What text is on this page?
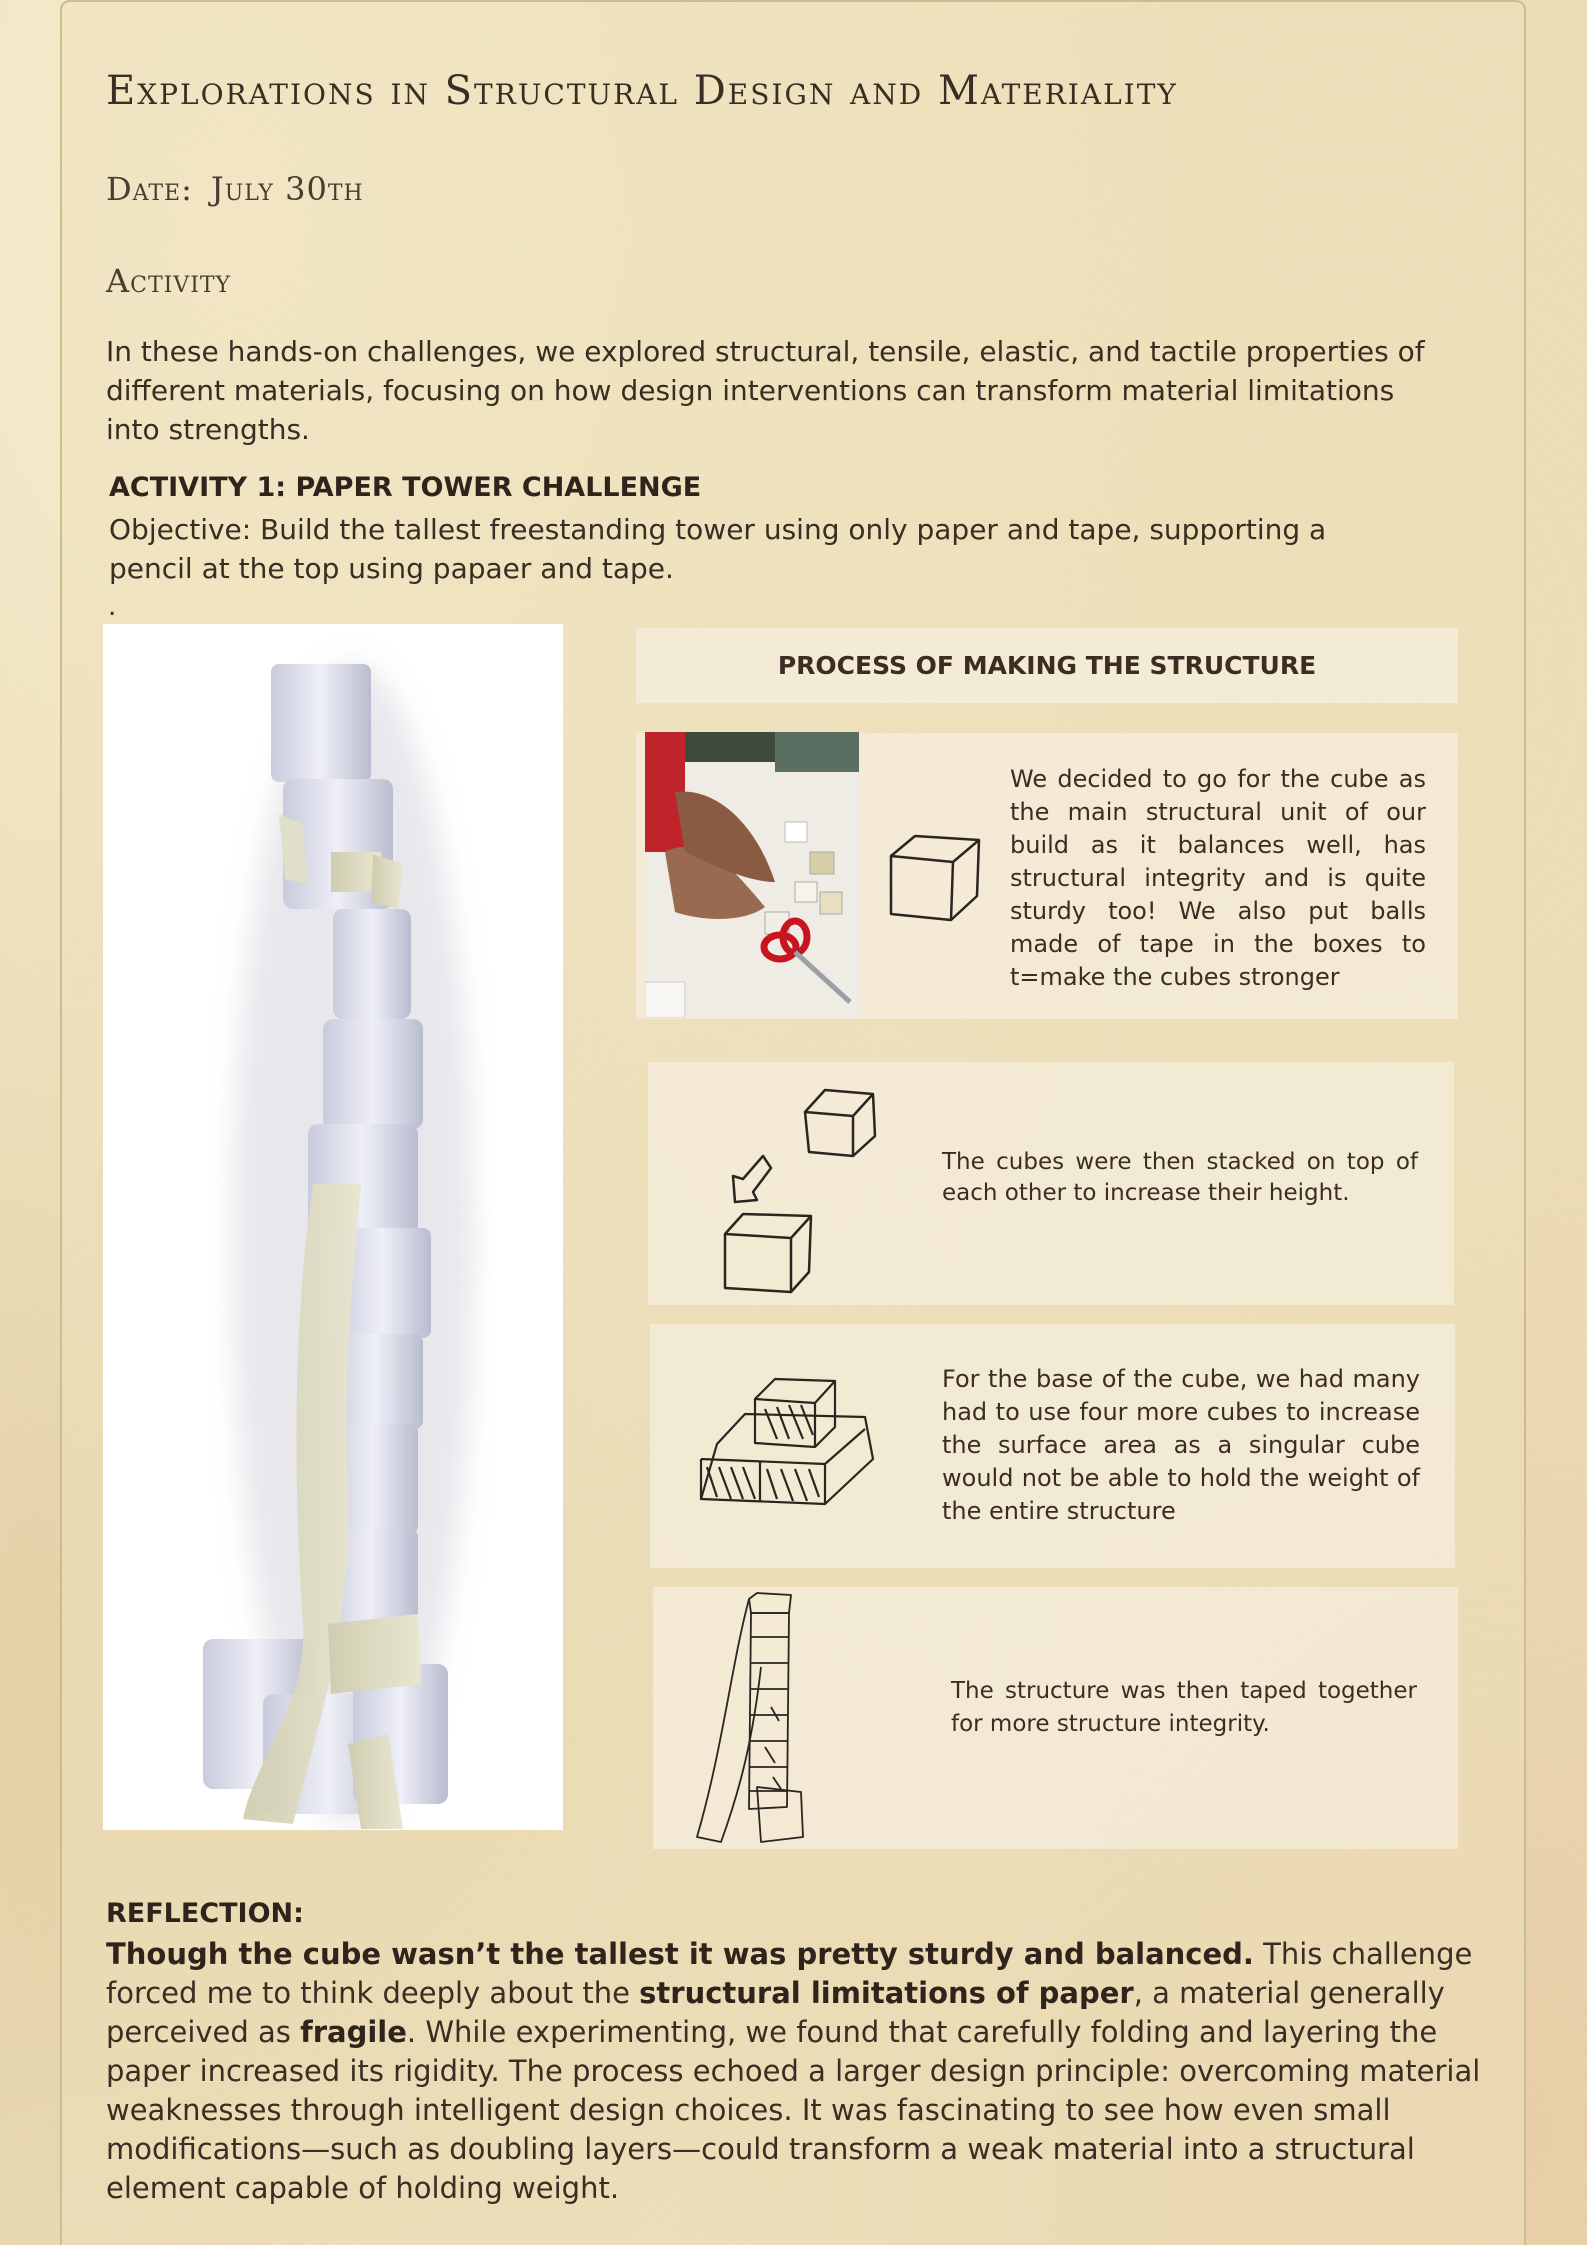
Explorations in Structural Design and Materiality
Date: July 30th
Activity
In these hands-on challenges, we explored structural, tensile, elastic, and tactile properties of different materials, focusing on how design interventions can transform material limitations into strengths.
ACTIVITY 1: PAPER TOWER CHALLENGE
Objective: Build the tallest freestanding tower using only paper and tape, supporting a pencil at the top using papaer and tape.
.
PROCESS OF MAKING THE STRUCTURE

We decided to go for the cube as the main structural unit of our build as it balances well, has structural integrity and is quite sturdy too! We also put balls made of tape in the boxes to t=make the cubes stronger

The cubes were then stacked on top of each other to increase their height.

For the base of the cube, we had many had to use four more cubes to increase the surface area as a singular cube would not be able to hold the weight of the entire structure

The structure was then taped together for more structure integrity.

REFLECTION:
Though the cube wasn’t the tallest it was pretty sturdy and balanced. This challenge forced me to think deeply about the structural limitations of paper, a material generally perceived as fragile. While experimenting, we found that carefully folding and layering the paper increased its rigidity. The process echoed a larger design principle: overcoming material weaknesses through intelligent design choices. It was fascinating to see how even small modifications—such as doubling layers—could transform a weak material into a structural element capable of holding weight.
